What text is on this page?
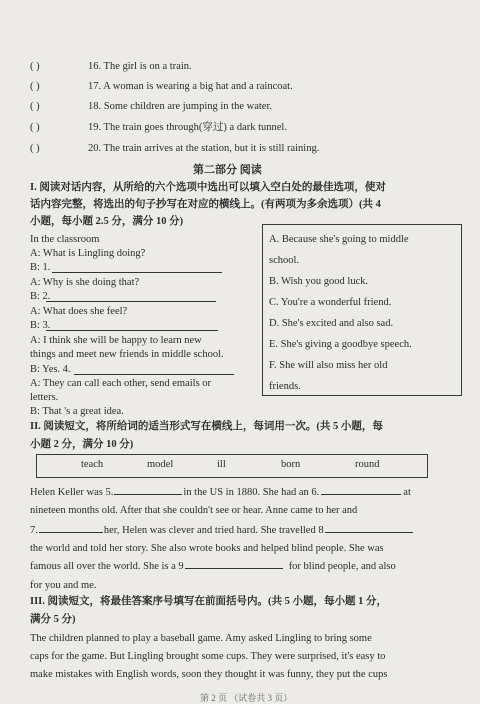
( )	16. The girl is on a train.
( )	17. A woman is wearing a big hat and a raincoat.
( )	18. Some children are jumping in the water.
( )	19. The train goes through(穿过) a dark tunnel.
( )	20. The train arrives at the station, but it is still raining.
第二部分 阅读
I. 阅读对话内容，从所给的六个选项中选出可以填入空白处的最佳选项，使对
话内容完整，将选出的句子抄写在对应的横线上。(有两项为多余选项）(共 4
小题，每小题 2.5 分，满分 10 分)
In the classroom
A: What is Lingling doing?
B: 1.
A: Why is she doing that?
B: 2.
A: What does she feel?
B: 3.
A: I think she will be happy to learn new
things and meet new friends in middle school.
B: Yes. 4.
A: They can call each other, send emails or
letters.
B: That 's a great idea.
A. Because she's going to middle
school.
B. Wish you good luck.
C. You're a wonderful friend.
D. She's excited and also sad.
E. She's giving a goodbye speech.
F. She will also miss her old
friends.
II. 阅读短文，将所给词的适当形式写在横线上，每词用一次。(共 5 小题，每
小题 2 分，满分 10 分)
teach	model	ill	born	round
Helen Keller was 5.	in the US in 1880. She had an 6.	at
nineteen months old. After that she couldn't see or hear. Anne came to her and
7.	her, Helen was clever and tried hard. She travelled 8
the world and told her story. She also wrote books and helped blind people. She was
famous all over the world. She is a 9	for blind people, and also
for you and me.
III. 阅读短文，将最佳答案序号填写在前面括号内。(共 5 小题，每小题 1 分，
满分 5 分)
The children planned to play a baseball game. Amy asked Lingling to bring some
caps for the game. But Lingling brought some cups. They were surprised, it's easy to
make mistakes with English words, soon they thought it was funny, they put the cups
第 2 页 （试卷共 3 页）
